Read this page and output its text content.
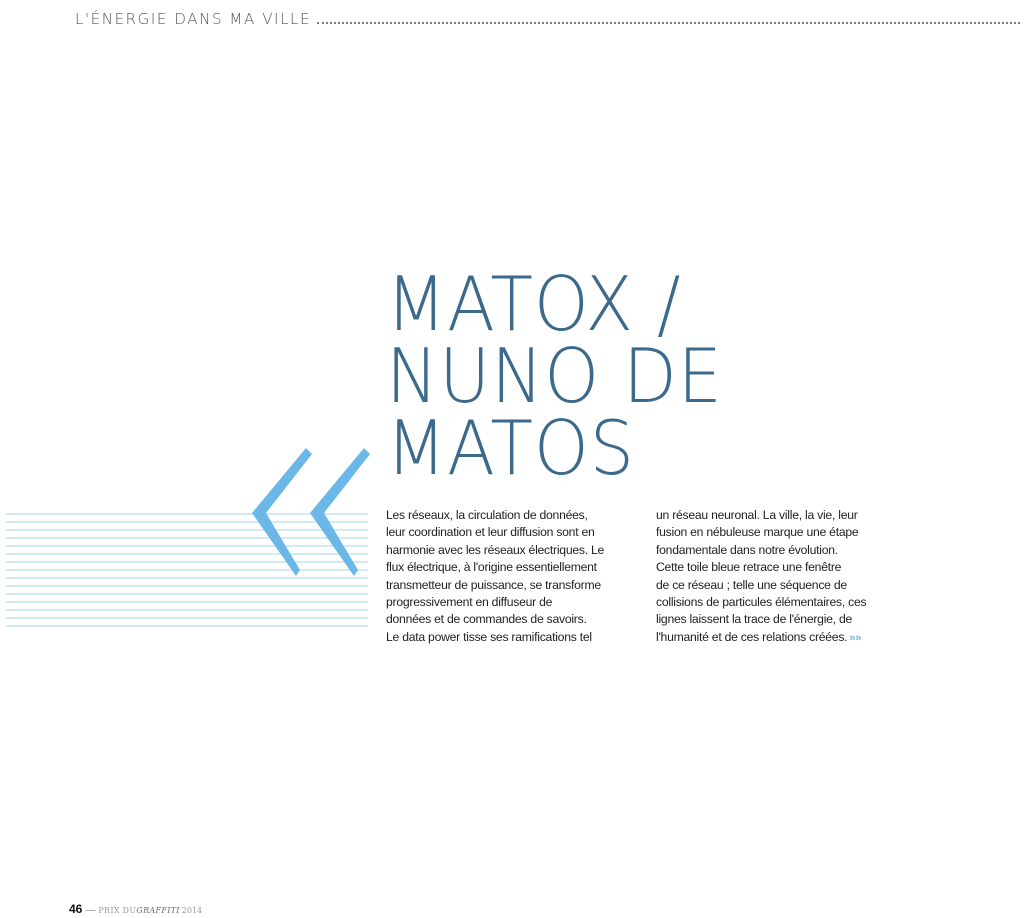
L'ÉNERGIE DANS MA VILLE
MATOX /
NUNO DE
MATOS
Les réseaux, la circulation de données,
leur coordination et leur diffusion sont en
harmonie avec les réseaux électriques. Le
flux électrique, à l'origine essentiellement
transmetteur de puissance, se transforme
progressivement en diffuseur de
données et de commandes de savoirs.
Le data power tisse ses ramifications tel
un réseau neuronal. La ville, la vie, leur
fusion en nébuleuse marque une étape
fondamentale dans notre évolution.
Cette toile bleue retrace une fenêtre
de ce réseau ; telle une séquence de
collisions de particules élémentaires, ces
lignes laissent la trace de l'énergie, de
l'humanité et de ces relations créées. »»
46 — PRIX DU GRAFFITI 2014
